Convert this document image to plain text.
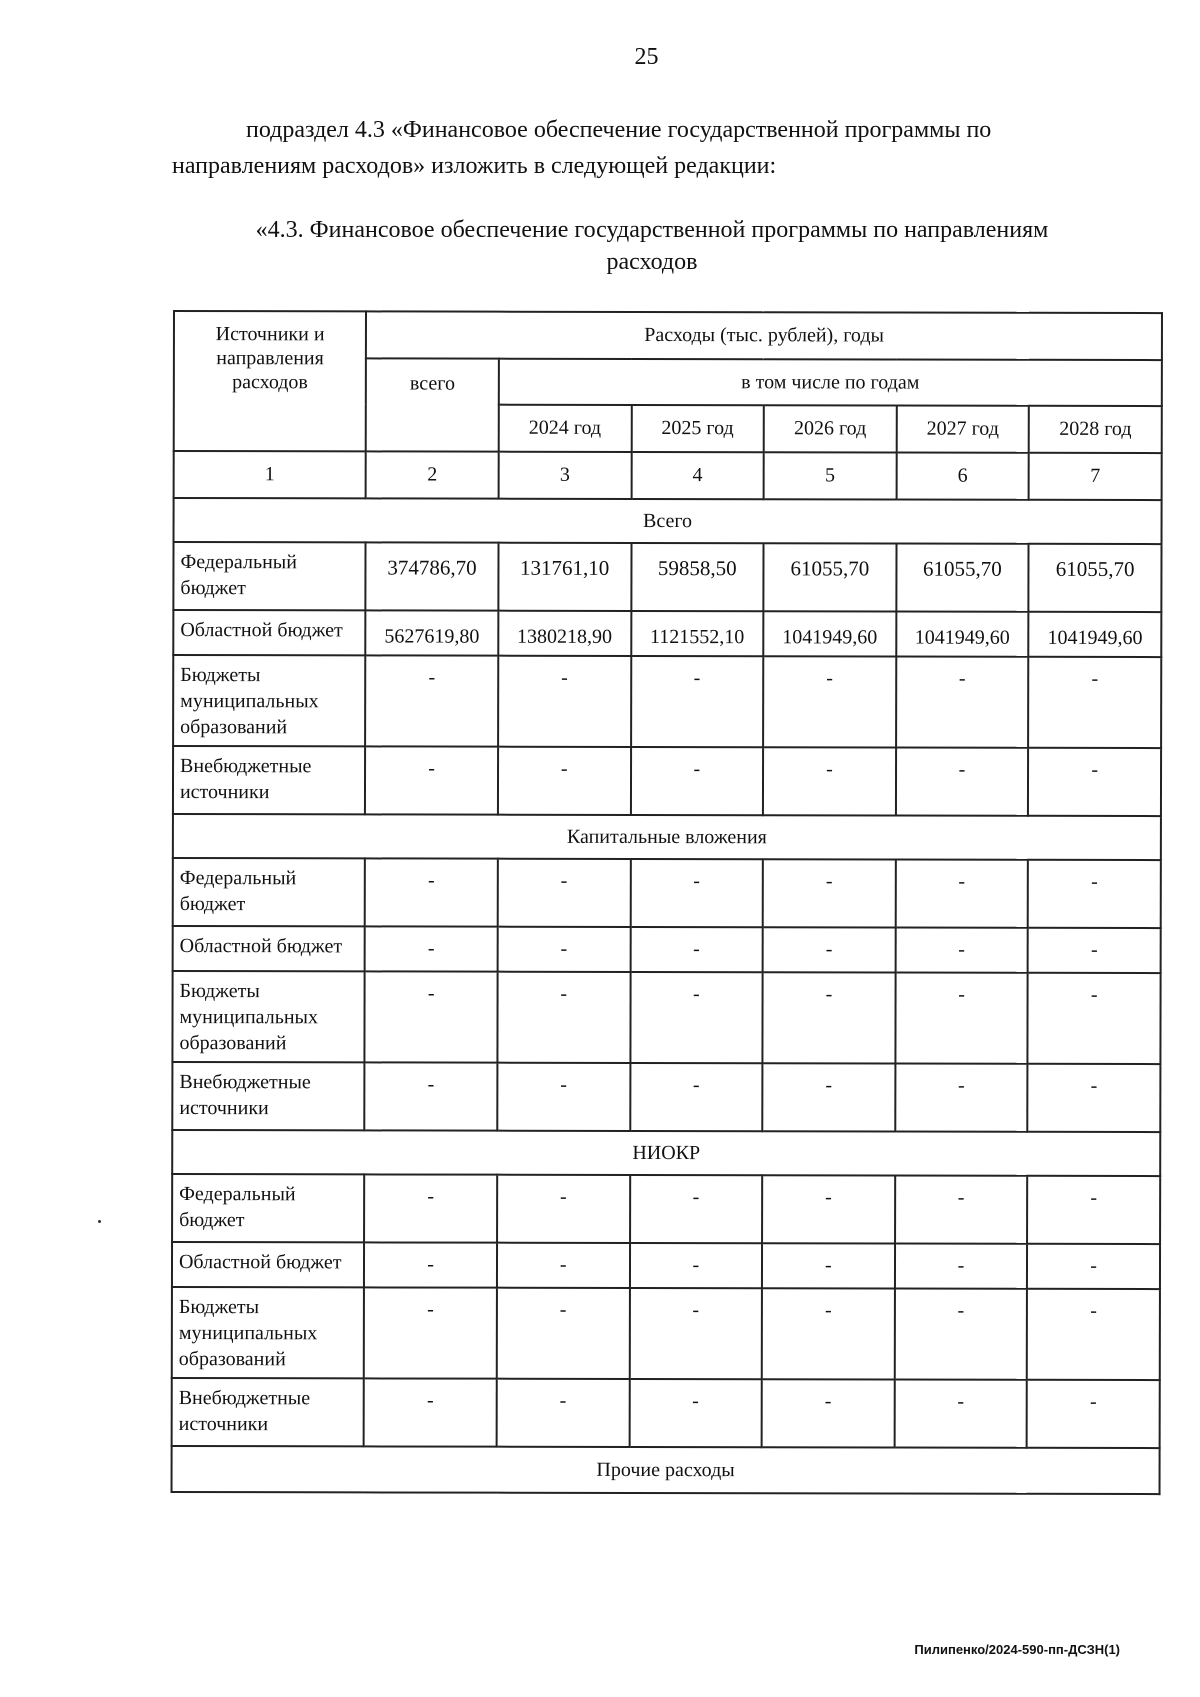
25
подраздел 4.3 «Финансовое обеспечение государственной программы по
направлениям расходов» изложить в следующей редакции:
«4.3. Финансовое обеспечение государственной программы по направлениям
расходов
Источники и направления расходов	Расходы (тыс. рублей), годы					
	всего	в том числе по годам				
		2024 год	2025 год	2026 год	2027 год	2028 год
1	2	3	4	5	6	7
Всего						
Федеральный бюджет	374786,70	131761,10	59858,50	61055,70	61055,70	61055,70
Областной бюджет	5627619,80	1380218,90	1121552,10	1041949,60	1041949,60	1041949,60
Бюджеты муниципальных образований	-	-	-	-	-	-
Внебюджетные источники	-	-	-	-	-	-
Капитальные вложения						
Федеральный бюджет	-	-	-	-	-	-
Областной бюджет	-	-	-	-	-	-
Бюджеты муниципальных образований	-	-	-	-	-	-
Внебюджетные источники	-	-	-	-	-	-
НИОКР						
Федеральный бюджет	-	-	-	-	-	-
Областной бюджет	-	-	-	-	-	-
Бюджеты муниципальных образований	-	-	-	-	-	-
Внебюджетные источники	-	-	-	-	-	-
Прочие расходы						
Пилипенко/2024-590-пп-ДСЗН(1)
